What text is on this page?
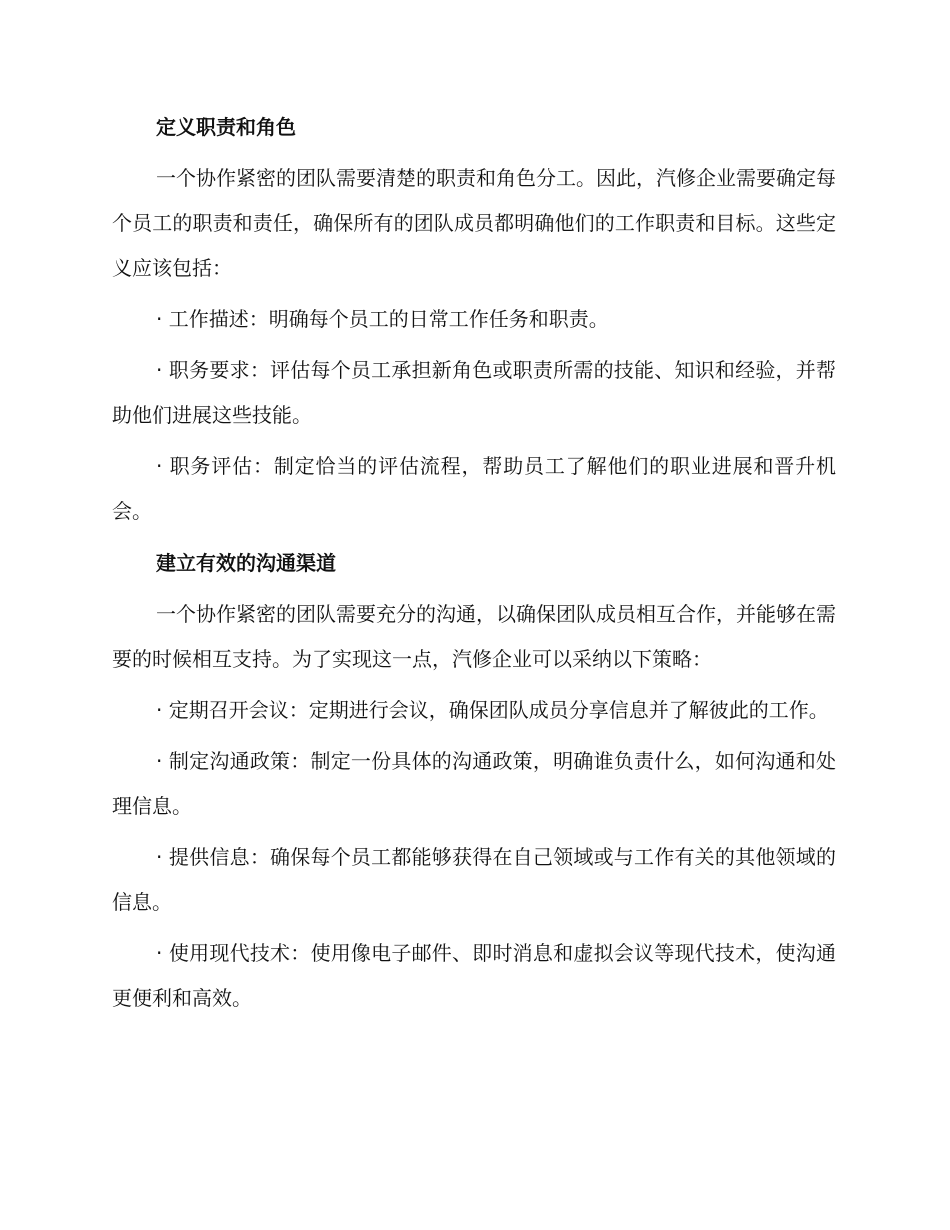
定义职责和角色

一个协作紧密的团队需要清楚的职责和角色分工。因此，汽修企业需要确定每个员工的职责和责任，确保所有的团队成员都明确他们的工作职责和目标。这些定义应该包括：

· 工作描述：明确每个员工的日常工作任务和职责。

· 职务要求：评估每个员工承担新角色或职责所需的技能、知识和经验，并帮助他们进展这些技能。

· 职务评估：制定恰当的评估流程，帮助员工了解他们的职业进展和晋升机会。

建立有效的沟通渠道

一个协作紧密的团队需要充分的沟通，以确保团队成员相互合作，并能够在需要的时候相互支持。为了实现这一点，汽修企业可以采纳以下策略：

· 定期召开会议：定期进行会议，确保团队成员分享信息并了解彼此的工作。

· 制定沟通政策：制定一份具体的沟通政策，明确谁负责什么，如何沟通和处理信息。

· 提供信息：确保每个员工都能够获得在自己领域或与工作有关的其他领域的信息。

· 使用现代技术：使用像电子邮件、即时消息和虚拟会议等现代技术，使沟通更便利和高效。
